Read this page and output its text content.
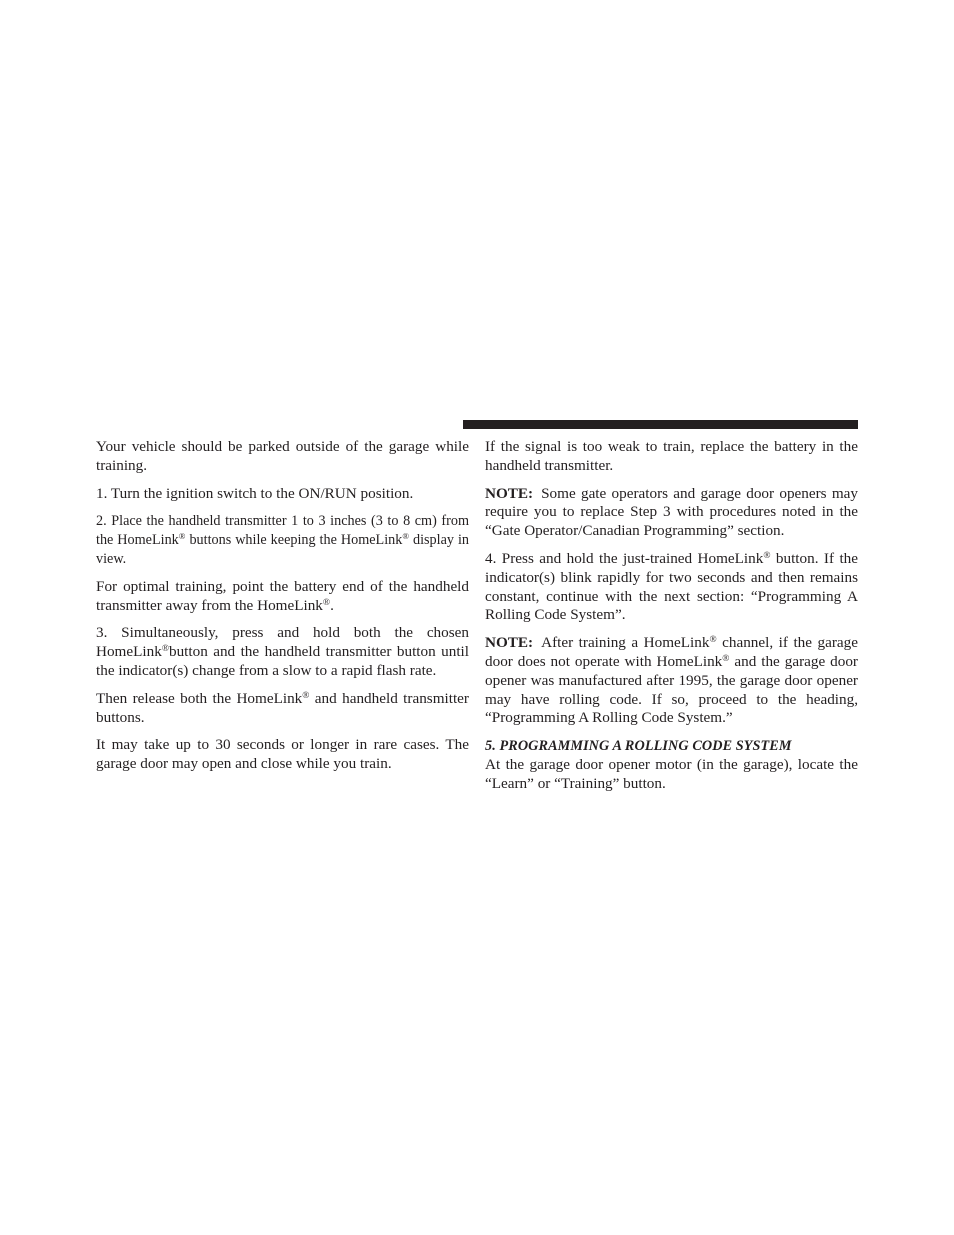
Your vehicle should be parked outside of the garage while training.

1. Turn the ignition switch to the ON/RUN position.

2. Place the handheld transmitter 1 to 3 inches (3 to 8 cm) from the HomeLink® buttons while keeping the HomeLink® display in view.

For optimal training, point the battery end of the handheld transmitter away from the HomeLink®.

3. Simultaneously, press and hold both the chosen HomeLink®button and the handheld transmitter button until the indicator(s) change from a slow to a rapid flash rate.

Then release both the HomeLink® and handheld transmitter buttons.

It may take up to 30 seconds or longer in rare cases. The garage door may open and close while you train.

If the signal is too weak to train, replace the battery in the handheld transmitter.

NOTE: Some gate operators and garage door openers may require you to replace Step 3 with procedures noted in the “Gate Operator/Canadian Programming” section.

4. Press and hold the just-trained HomeLink® button. If the indicator(s) blink rapidly for two seconds and then remains constant, continue with the next section: “Programming A Rolling Code System”.

NOTE: After training a HomeLink® channel, if the garage door does not operate with HomeLink® and the garage door opener was manufactured after 1995, the garage door opener may have rolling code. If so, proceed to the heading, “Programming A Rolling Code System.”

5. PROGRAMMING A ROLLING CODE SYSTEM

At the garage door opener motor (in the garage), locate the “Learn” or “Training” button.
